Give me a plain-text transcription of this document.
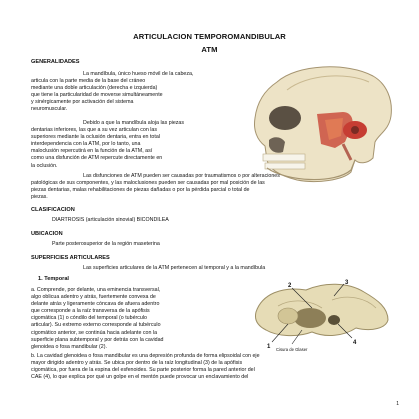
ARTICULACION TEMPOROMANDIBULAR
ATM
GENERALIDADES
La mandíbula, único hueso móvil de la cabeza,
articula con la parte media de la base del cráneo
mediante una doble articulación (derecha e izquierda)
que tiene la particularidad de moverse simultáneamente
y sinérgicamente por activación del sistema
neuromuscular.
Debido a que la mandíbula aloja las piezas
dentarias inferiores, las que a su vez articulan con las
superiores mediante la oclusión dentaria, entra en total
interdependencia con la ATM, por lo tanto, una
maloclusión repercutirá en la función de la ATM, así
como una disfunción de ATM repercute directamente en
la oclusión.
Las disfunciones de ATM pueden ser causadas por traumatismos o por alteraciones
patológicas de sus componentes, y las maloclusiones pueden ser causadas por mal posición de las
piezas dentarias, malas rehabilitaciones de piezas dañadas o por la pérdida parcial o total de
piezas.
CLASIFICACION
DIARTROSIS (articulación sinovial) BICONDILEA
UBICACION
Parte posterosuperior de la región maseterina
SUPERFICIES ARTICULARES
Las superficies articulares de la ATM pertenecen al temporal y a la mandíbula
1. Temporal
a. Comprende, por delante, una eminencia transversal,
algo oblicua adentro y atrás, fuertemente convexa de
delante atrás y ligeramente cóncava de afuera adentro
que corresponde a la raíz transversa de la apófisis
cigomática (1) o cóndilo del temporal (o tubérculo
articular). Su extremo externo corresponde al tubérculo
cigomático anterior, se continúa hacia adelante con la
superficie plana subtemporal y por detrás con la cavidad
glenoidea o fosa mandibular (2).
3
2
1
4
Cisura de Glaser
b. La cavidad glenoidea o fosa mandibular es una depresión profunda de forma elipsoidal con eje
mayor dirigido adentro y atrás. Se ubica por dentro de la raíz longitudinal (3) de la apófisis
cigomática, por fuera de la espina del esfenoides. Su parte posterior forma la pared anterior del
CAE (4), lo que explica por qué un golpe en el mentón puede provocar un enclavamiento del
1
